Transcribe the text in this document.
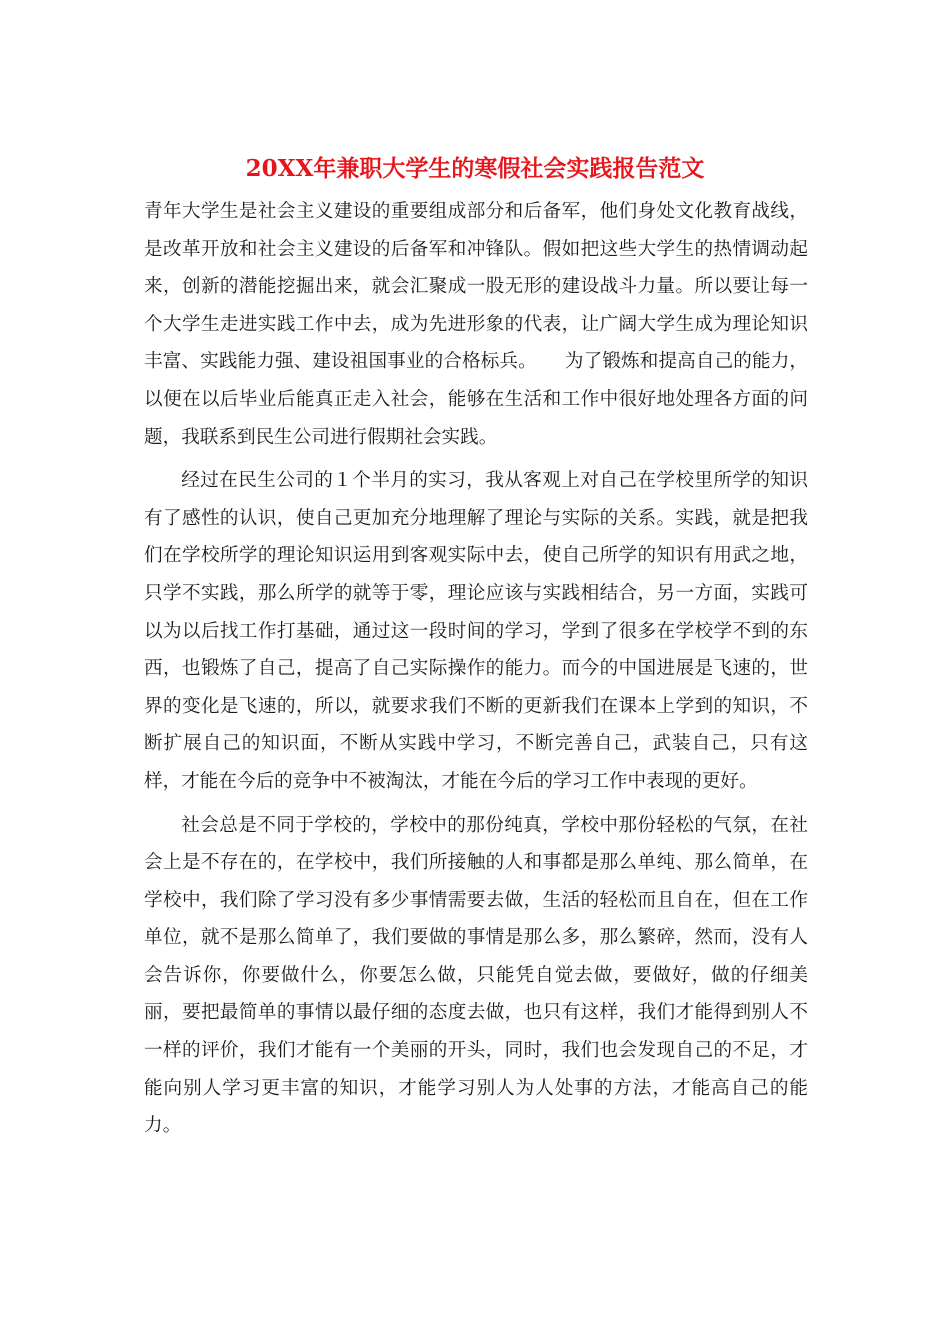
20XX年兼职大学生的寒假社会实践报告范文

青年大学生是社会主义建设的重要组成部分和后备军，他们身处文化教育战线，是改革开放和社会主义建设的后备军和冲锋队。假如把这些大学生的热情调动起来，创新的潜能挖掘出来，就会汇聚成一股无形的建设战斗力量。所以要让每一个大学生走进实践工作中去，成为先进形象的代表，让广阔大学生成为理论知识丰富、实践能力强、建设祖国事业的合格标兵。　　为了锻炼和提高自己的能力，以便在以后毕业后能真正走入社会，能够在生活和工作中很好地处理各方面的问题，我联系到民生公司进行假期社会实践。

经过在民生公司的１个半月的实习，我从客观上对自己在学校里所学的知识有了感性的认识，使自己更加充分地理解了理论与实际的关系。实践，就是把我们在学校所学的理论知识运用到客观实际中去，使自己所学的知识有用武之地，只学不实践，那么所学的就等于零，理论应该与实践相结合，另一方面，实践可以为以后找工作打基础，通过这一段时间的学习，学到了很多在学校学不到的东西，也锻炼了自己，提高了自己实际操作的能力。而今的中国进展是飞速的，世界的变化是飞速的，所以，就要求我们不断的更新我们在课本上学到的知识，不断扩展自己的知识面，不断从实践中学习，不断完善自己，武装自己，只有这样，才能在今后的竞争中不被淘汰，才能在今后的学习工作中表现的更好。

社会总是不同于学校的，学校中的那份纯真，学校中那份轻松的气氛，在社会上是不存在的，在学校中，我们所接触的人和事都是那么单纯、那么简单，在学校中，我们除了学习没有多少事情需要去做，生活的轻松而且自在，但在工作单位，就不是那么简单了，我们要做的事情是那么多，那么繁碎，然而，没有人会告诉你，你要做什么，你要怎么做，只能凭自觉去做，要做好，做的仔细美丽，要把最简单的事情以最仔细的态度去做，也只有这样，我们才能得到别人不一样的评价，我们才能有一个美丽的开头，同时，我们也会发现自己的不足，才能向别人学习更丰富的知识，才能学习别人为人处事的方法，才能高自己的能力。
